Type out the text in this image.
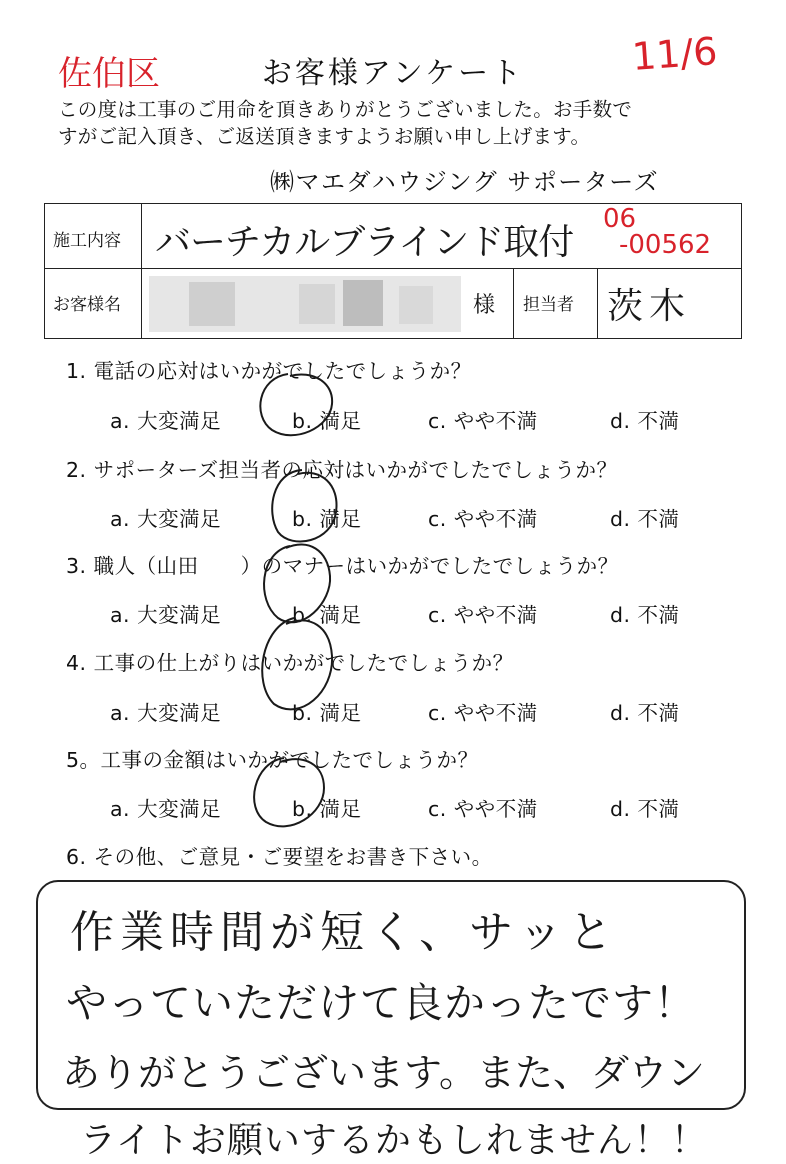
佐伯区	お客様アンケート	11/6
この度は工事のご用命を頂きありがとうございました。お手数で
すがご記入頂き、ご返送頂きますようお願い申し上げます。
㈱マエダハウジング サポーターズ
施工内容 バーチカルブラインド取付
06
-00562
お客様名	様 担当者 茨木
1. 電話の応対はいかがでしたでしょうか？
a. 大変満足	b. 満足	c. やや不満	d. 不満
2. サポーターズ担当者の応対はいかがでしたでしょうか？
a. 大変満足	b. 満足	c. やや不満	d. 不満
3. 職人（山田　　）のマナーはいかがでしたでしょうか？
a. 大変満足	b. 満足	c. やや不満	d. 不満
4. 工事の仕上がりはいかがでしたでしょうか？
a. 大変満足	b. 満足	c. やや不満	d. 不満
5。工事の金額はいかがでしたでしょうか？
a. 大変満足	b. 満足	c. やや不満	d. 不満
6. その他、ご意見・ご要望をお書き下さい。
作業時間が短く、サッと
やっていただけて良かったです！
ありがとうございます。また、ダウン
ライトお願いするかもしれません！！
